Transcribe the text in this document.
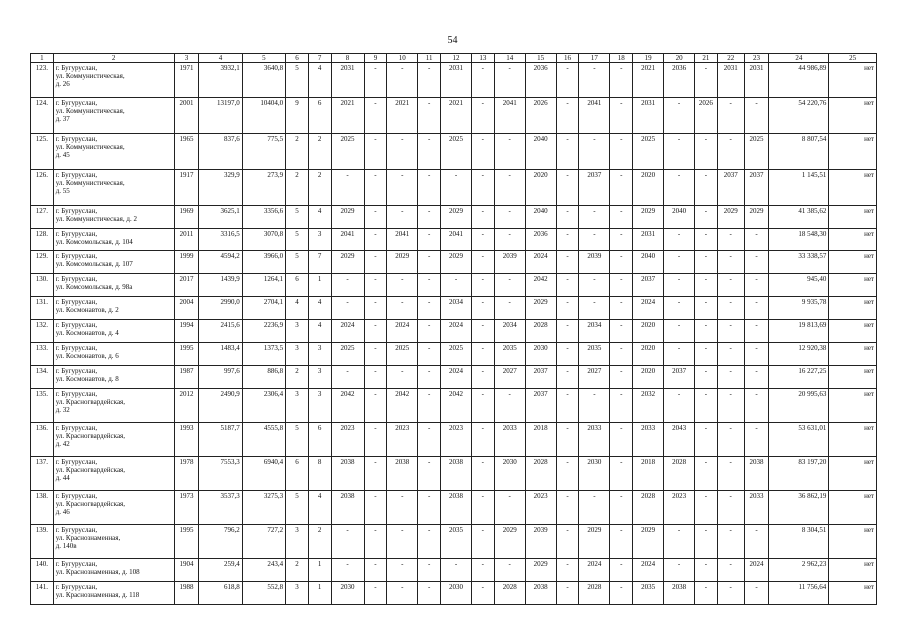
54
1	2	3	4	5	6	7	8	9	10	11	12	13	14	15	16	17	18	19	20	21	22	23	24	25
123.	г. Бугуруслан,
ул. Коммунистическая,
д. 26	1971	3932,1	3640,8	5	4	2031	-	-	-	2031	-	-	2036	-	-	-	2021	2036	-	2031	2031	44 986,89	нет
124.	г. Бугуруслан,
ул. Коммунистическая,
д. 37	2001	13197,0	10404,0	9	6	2021	-	2021	-	2021	-	2041	2026	-	2041	-	2031	-	2026	-	-	54 220,76	нет
125.	г. Бугуруслан,
ул. Коммунистическая,
д. 45	1965	837,6	775,5	2	2	2025	-	-	-	2025	-	-	2040	-	-	-	2025	-	-	-	2025	8 807,54	нет
126.	г. Бугуруслан,
ул. Коммунистическая,
д. 55	1917	329,9	273,9	2	2	-	-	-	-	-	-	-	2020	-	2037	-	2020	-	-	2037	2037	1 145,51	нет
127.	г. Бугуруслан,
ул. Коммунистическая, д. 2	1969	3625,1	3356,6	5	4	2029	-	-	-	2029	-	-	2040	-	-	-	2029	2040	-	2029	2029	41 385,62	нет
128.	г. Бугуруслан,
ул. Комсомольская, д. 104	2011	3316,5	3070,8	5	3	2041	-	2041	-	2041	-	-	2036	-	-	-	2031	-	-	-	-	18 548,30	нет
129.	г. Бугуруслан,
ул. Комсомольская, д. 107	1999	4594,2	3966,0	5	7	2029	-	2029	-	2029	-	2039	2024	-	2039	-	2040	-	-	-	-	33 338,57	нет
130.	г. Бугуруслан,
ул. Комсомольская, д. 98а	2017	1439,9	1264,1	6	1	-	-	-	-	-	-	-	2042	-	-	-	2037	-	-	-	-	945,40	нет
131.	г. Бугуруслан,
ул. Космонавтов, д. 2	2004	2990,0	2704,1	4	4	-	-	-	-	2034	-	-	2029	-	-	-	2024	-	-	-	-	9 935,78	нет
132.	г. Бугуруслан,
ул. Космонавтов, д. 4	1994	2415,6	2236,9	3	4	2024	-	2024	-	2024	-	2034	2028	-	2034	-	2020	-	-	-	-	19 813,69	нет
133.	г. Бугуруслан,
ул. Космонавтов, д. 6	1995	1483,4	1373,5	3	3	2025	-	2025	-	2025	-	2035	2030	-	2035	-	2020	-	-	-	-	12 920,38	нет
134.	г. Бугуруслан,
ул. Космонавтов, д. 8	1987	997,6	886,8	2	3	-	-	-	-	2024	-	2027	2037	-	2027	-	2020	2037	-	-	-	16 227,25	нет
135.	г. Бугуруслан,
ул. Красногвардейская,
д. 32	2012	2490,9	2306,4	3	3	2042	-	2042	-	2042	-	-	2037	-	-	-	2032	-	-	-	-	20 995,63	нет
136.	г. Бугуруслан,
ул. Красногвардейская,
д. 42	1993	5187,7	4555,8	5	6	2023	-	2023	-	2023	-	2033	2018	-	2033	-	2033	2043	-	-	-	53 631,01	нет
137.	г. Бугуруслан,
ул. Красногвардейская,
д. 44	1978	7553,3	6940,4	6	8	2038	-	2038	-	2038	-	2030	2028	-	2030	-	2018	2028	-	-	2038	83 197,20	нет
138.	г. Бугуруслан,
ул. Красногвардейская,
д. 46	1973	3537,3	3275,3	5	4	2038	-	-	-	2038	-	-	2023	-	-	-	2028	2023	-	-	2033	36 862,19	нет
139.	г. Бугуруслан,
ул. Краснознаменная,
д. 140в	1995	796,2	727,2	3	2	-	-	-	-	2035	-	2029	2039	-	2029	-	2029	-	-	-	-	8 304,51	нет
140.	г. Бугуруслан,
ул. Краснознаменная, д. 108	1904	259,4	243,4	2	1	-	-	-	-	-	-	-	2029	-	2024	-	2024	-	-	-	2024	2 962,23	нет
141.	г. Бугуруслан,
ул. Краснознаменная, д. 118	1988	618,8	552,8	3	1	2030	-	-	-	2030	-	2028	2038	-	2028	-	2035	2038	-	-	-	11 756,64	нет
